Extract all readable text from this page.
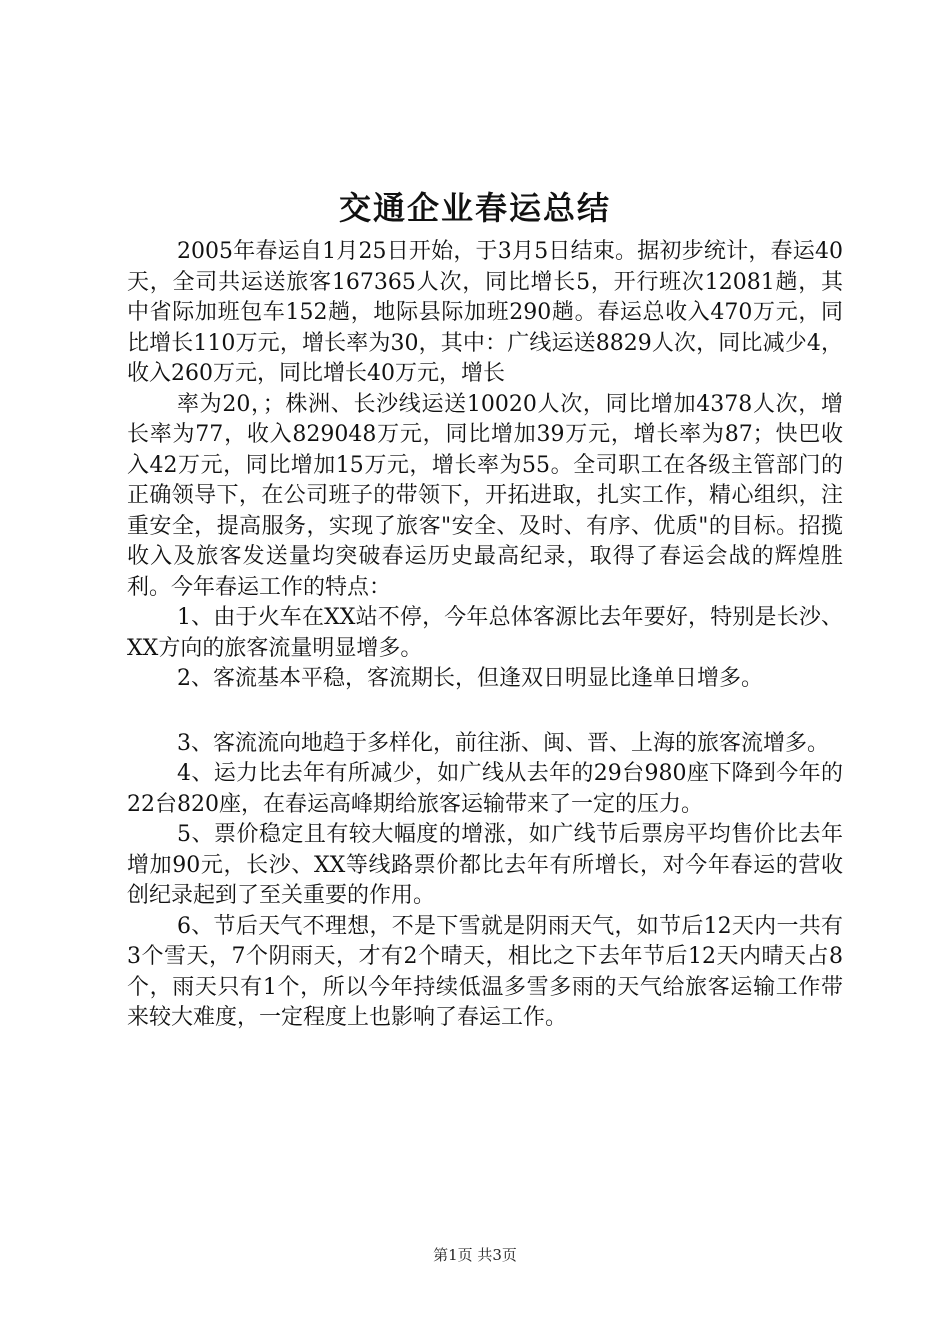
交通企业春运总结

2005年春运自1月25日开始，于3月5日结束。据初步统计，春运40天，全司共运送旅客167365人次，同比增长5，开行班次12081趟，其中省际加班包车152趟，地际县际加班290趟。春运总收入470万元，同比增长110万元，增长率为30，其中：广线运送8829人次，同比减少4，收入260万元，同比增长40万元，增长

率为20，；株洲、长沙线运送10020人次，同比增加4378人次，增长率为77，收入829048万元，同比增加39万元，增长率为87；快巴收入42万元，同比增加15万元，增长率为55。全司职工在各级主管部门的正确领导下，在公司班子的带领下，开拓进取，扎实工作，精心组织，注重安全，提高服务，实现了旅客"安全、及时、有序、优质"的目标。招揽收入及旅客发送量均突破春运历史最高纪录，取得了春运会战的辉煌胜利。今年春运工作的特点：

1、由于火车在XX站不停，今年总体客源比去年要好，特别是长沙、XX方向的旅客流量明显增多。

2、客流基本平稳，客流期长，但逢双日明显比逢单日增多。

3、客流流向地趋于多样化，前往浙、闽、晋、上海的旅客流增多。

4、运力比去年有所减少，如广线从去年的29台980座下降到今年的22台820座，在春运高峰期给旅客运输带来了一定的压力。

5、票价稳定且有较大幅度的增涨，如广线节后票房平均售价比去年增加90元，长沙、XX等线路票价都比去年有所增长，对今年春运的营收创纪录起到了至关重要的作用。

6、节后天气不理想，不是下雪就是阴雨天气，如节后12天内一共有3个雪天，7个阴雨天，才有2个晴天，相比之下去年节后12天内晴天占8个，雨天只有1个，所以今年持续低温多雪多雨的天气给旅客运输工作带来较大难度，一定程度上也影响了春运工作。

第1页 共3页
